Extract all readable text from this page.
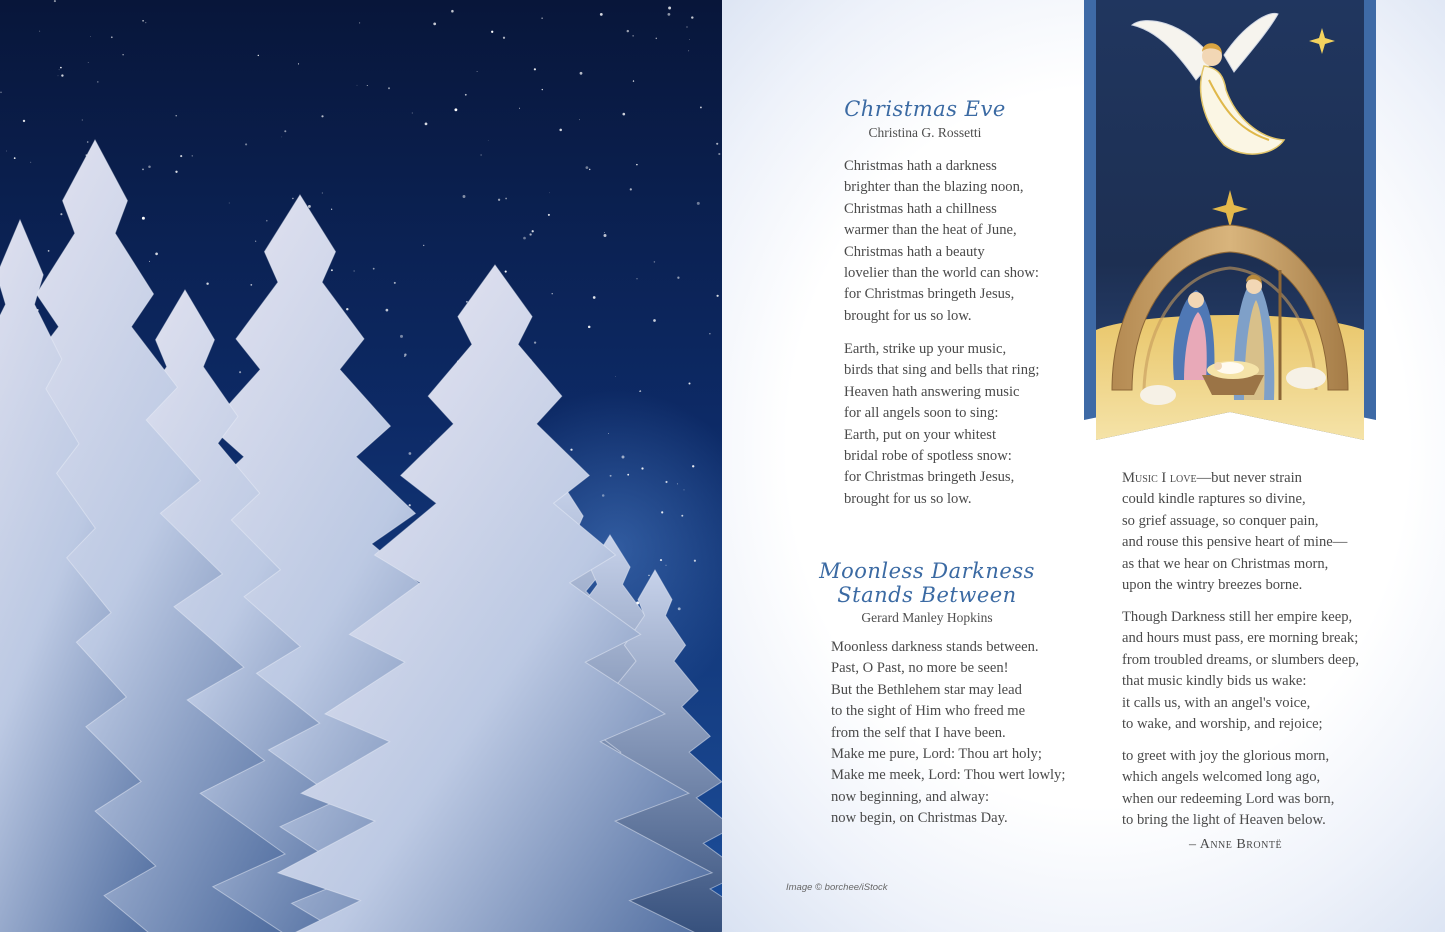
Christmas Eve
Christina G. Rossetti
Christmas hath a darkness
brighter than the blazing noon,
Christmas hath a chillness
warmer than the heat of June,
Christmas hath a beauty
lovelier than the world can show:
for Christmas bringeth Jesus,
brought for us so low.
Earth, strike up your music,
birds that sing and bells that ring;
Heaven hath answering music
for all angels soon to sing:
Earth, put on your whitest
bridal robe of spotless snow:
for Christmas bringeth Jesus,
brought for us so low.
Moonless Darkness
Stands Between
Gerard Manley Hopkins
Moonless darkness stands between.
Past, O Past, no more be seen!
But the Bethlehem star may lead
to the sight of Him who freed me
from the self that I have been.
Make me pure, Lord: Thou art holy;
Make me meek, Lord: Thou wert lowly;
now beginning, and alway:
now begin, on Christmas Day.
Music I love—but never strain
could kindle raptures so divine,
so grief assuage, so conquer pain,
and rouse this pensive heart of mine—
as that we hear on Christmas morn,
upon the wintry breezes borne.
Though Darkness still her empire keep,
and hours must pass, ere morning break;
from troubled dreams, or slumbers deep,
that music kindly bids us wake:
it calls us, with an angel's voice,
to wake, and worship, and rejoice;
to greet with joy the glorious morn,
which angels welcomed long ago,
when our redeeming Lord was born,
to bring the light of Heaven below.
– Anne Brontë
Image © borchee/iStock
